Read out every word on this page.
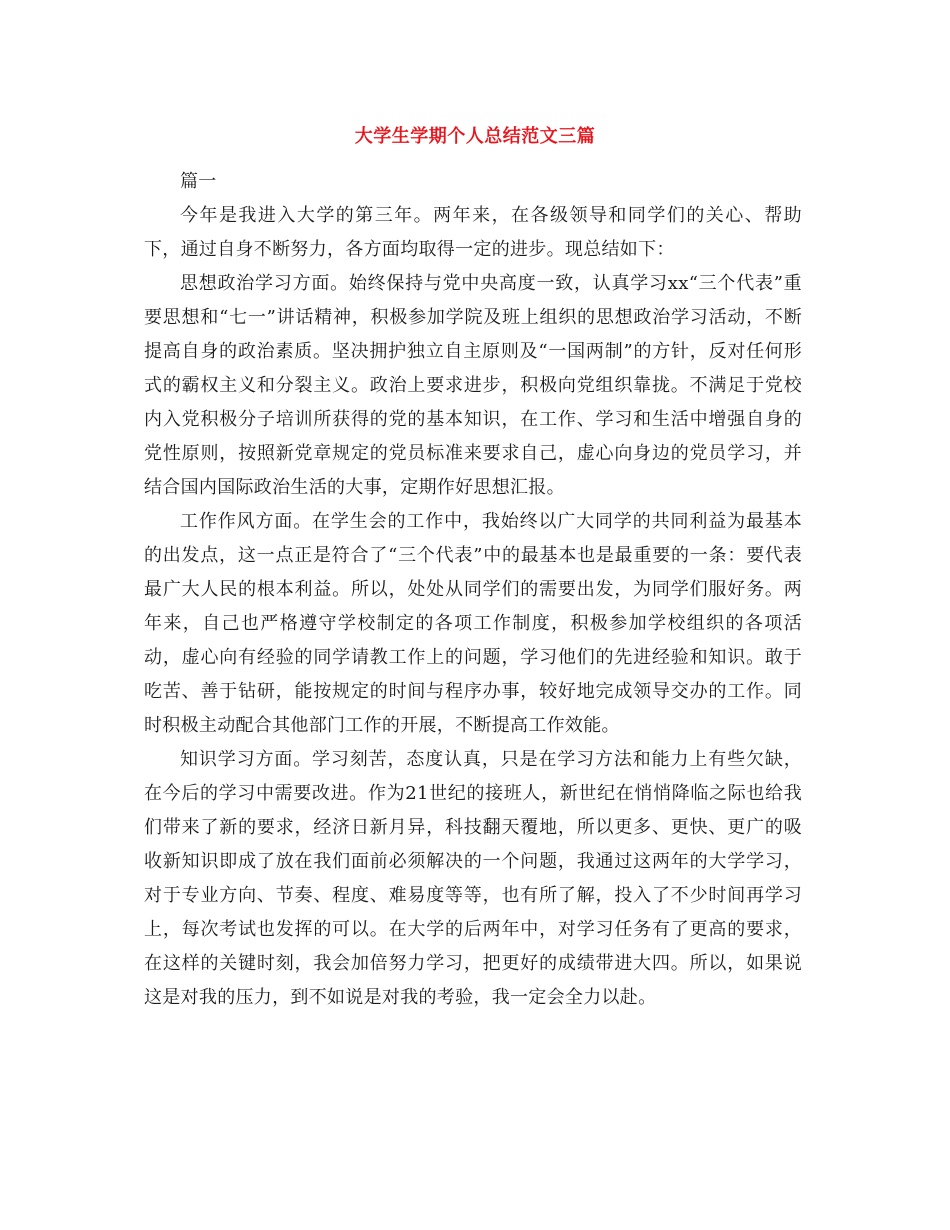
大学生学期个人总结范文三篇

篇一

今年是我进入大学的第三年。两年来，在各级领导和同学们的关心、帮助下，通过自身不断努力，各方面均取得一定的进步。现总结如下：

思想政治学习方面。始终保持与党中央高度一致，认真学习xx“三个代表”重要思想和“七一”讲话精神，积极参加学院及班上组织的思想政治学习活动，不断提高自身的政治素质。坚决拥护独立自主原则及“一国两制”的方针，反对任何形式的霸权主义和分裂主义。政治上要求进步，积极向党组织靠拢。不满足于党校内入党积极分子培训所获得的党的基本知识，在工作、学习和生活中增强自身的党性原则，按照新党章规定的党员标准来要求自己，虚心向身边的党员学习，并结合国内国际政治生活的大事，定期作好思想汇报。

工作作风方面。在学生会的工作中，我始终以广大同学的共同利益为最基本的出发点，这一点正是符合了“三个代表”中的最基本也是最重要的一条：要代表最广大人民的根本利益。所以，处处从同学们的需要出发，为同学们服好务。两年来，自己也严格遵守学校制定的各项工作制度，积极参加学校组织的各项活动，虚心向有经验的同学请教工作上的问题，学习他们的先进经验和知识。敢于吃苦、善于钻研，能按规定的时间与程序办事，较好地完成领导交办的工作。同时积极主动配合其他部门工作的开展，不断提高工作效能。

知识学习方面。学习刻苦，态度认真，只是在学习方法和能力上有些欠缺，在今后的学习中需要改进。作为21世纪的接班人，新世纪在悄悄降临之际也给我们带来了新的要求，经济日新月异，科技翻天覆地，所以更多、更快、更广的吸收新知识即成了放在我们面前必须解决的一个问题，我通过这两年的大学学习，对于专业方向、节奏、程度、难易度等等，也有所了解，投入了不少时间再学习上，每次考试也发挥的可以。在大学的后两年中，对学习任务有了更高的要求，在这样的关键时刻，我会加倍努力学习，把更好的成绩带进大四。所以，如果说这是对我的压力，到不如说是对我的考验，我一定会全力以赴。
